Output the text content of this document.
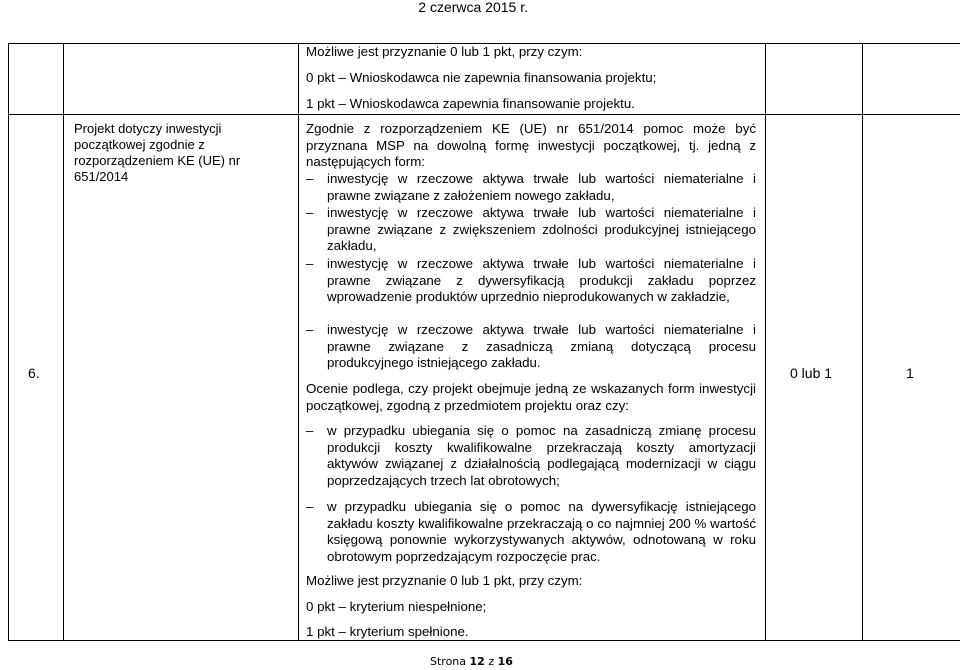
2 czerwca 2015 r.
Możliwe jest przyznanie 0 lub 1 pkt, przy czym:
0 pkt – Wnioskodawca nie zapewnia finansowania projektu;
1 pkt – Wnioskodawca zapewnia finansowanie projektu.
6.
Projekt dotyczy inwestycji początkowej zgodnie z rozporządzeniem KE (UE) nr 651/2014
Zgodnie z rozporządzeniem KE (UE) nr 651/2014 pomoc może być przyznana MSP na dowolną formę inwestycji początkowej, tj. jedną z następujących form:
– inwestycję w rzeczowe aktywa trwałe lub wartości niematerialne i prawne związane z założeniem nowego zakładu,
– inwestycję w rzeczowe aktywa trwałe lub wartości niematerialne i prawne związane z zwiększeniem zdolności produkcyjnej istniejącego zakładu,
– inwestycję w rzeczowe aktywa trwałe lub wartości niematerialne i prawne związane z dywersyfikacją produkcji zakładu poprzez wprowadzenie produktów uprzednio nieprodukowanych w zakładzie,
– inwestycję w rzeczowe aktywa trwałe lub wartości niematerialne i prawne związane z zasadniczą zmianą dotyczącą procesu produkcyjnego istniejącego zakładu.
Ocenie podlega, czy projekt obejmuje jedną ze wskazanych form inwestycji początkowej, zgodną z przedmiotem projektu oraz czy:
– w przypadku ubiegania się o pomoc na zasadniczą zmianę procesu produkcji koszty kwalifikowalne przekraczają koszty amortyzacji aktywów związanej z działalnością podlegającą modernizacji w ciągu poprzedzających trzech lat obrotowych;
– w przypadku ubiegania się o pomoc na dywersyfikację istniejącego zakładu koszty kwalifikowalne przekraczają o co najmniej 200 % wartość księgową ponownie wykorzystywanych aktywów, odnotowaną w roku obrotowym poprzedzającym rozpoczęcie prac.
Możliwe jest przyznanie 0 lub 1 pkt, przy czym:
0 pkt – kryterium niespełnione;
1 pkt – kryterium spełnione.
0 lub 1	1
Strona 12 z 16
